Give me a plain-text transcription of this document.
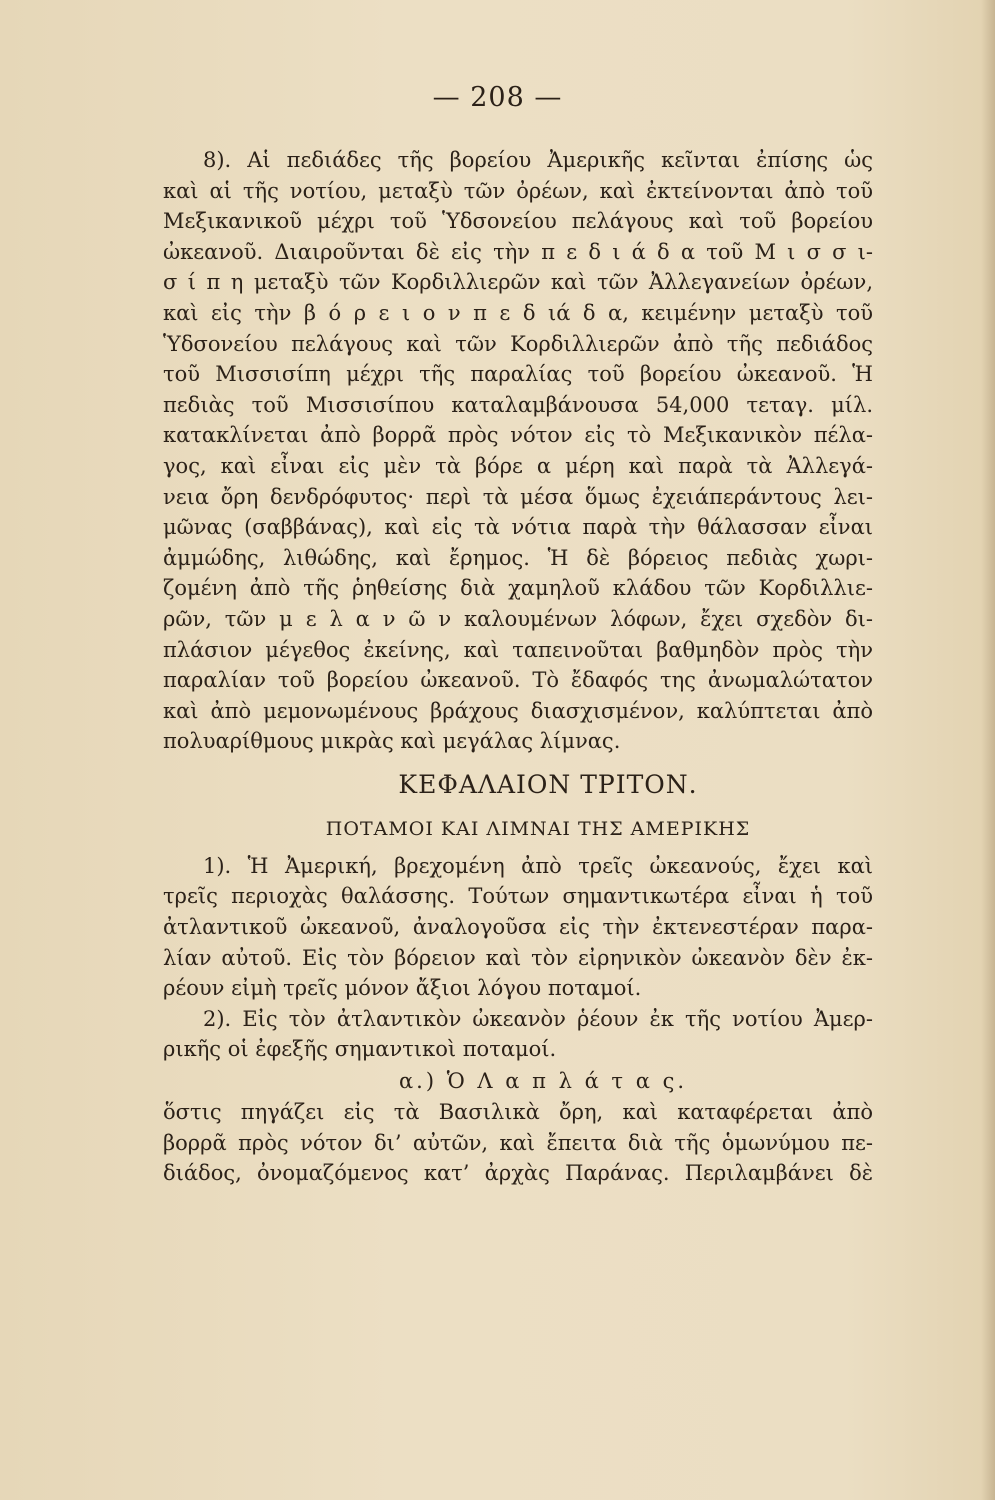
— 208 —
8). Αἱ πεδιάδες τῆς βορείου Ἀμερικῆς κεῖνται ἐπίσης ὡς
καὶ αἱ τῆς νοτίου, μεταξὺ τῶν ὀρέων, καὶ ἐκτείνονται ἀπὸ τοῦ
Μεξικανικοῦ μέχρι τοῦ Ὑδσονείου πελάγους καὶ τοῦ βορείου
ὠκεανοῦ. Διαιροῦνται δὲ εἰς τὴν π ε δ ι ά δ α τοῦ Μ ι σ σ ι-
σ ί π η μεταξὺ τῶν Κορδιλλιερῶν καὶ τῶν Ἀλλεγανείων ὀρέων,
καὶ εἰς τὴν β ό ρ ε ι ο ν π ε δ ιά δ α, κειμένην μεταξὺ τοῦ
Ὑδσονείου πελάγους καὶ τῶν Κορδιλλιερῶν ἀπὸ τῆς πεδιάδος
τοῦ Μισσισίπη μέχρι τῆς παραλίας τοῦ βορείου ὠκεανοῦ. Ἡ
πεδιὰς τοῦ Μισσισίπου καταλαμβάνουσα 54,000 τεταγ. μίλ.
κατακλίνεται ἀπὸ βορρᾶ πρὸς νότον εἰς τὸ Μεξικανικὸν πέλα-
γος, καὶ εἶναι εἰς μὲν τὰ βόρε α μέρη καὶ παρὰ τὰ Ἀλλεγά-
νεια ὄρη δενδρόφυτος· περὶ τὰ μέσα ὅμως ἐχειάπεράντους λει-
μῶνας (σαββάνας), καὶ εἰς τὰ νότια παρὰ τὴν θάλασσαν εἶναι
ἀμμώδης, λιθώδης, καὶ ἔρημος. Ἡ δὲ βόρειος πεδιὰς χωρι-
ζομένη ἀπὸ τῆς ῥηθείσης διὰ χαμηλοῦ κλάδου τῶν Κορδιλλιε-
ρῶν, τῶν μ ε λ α ν ῶ ν καλουμένων λόφων, ἔχει σχεδὸν δι-
πλάσιον μέγεθος ἐκείνης, καὶ ταπεινοῦται βαθμηδὸν πρὸς τὴν
παραλίαν τοῦ βορείου ὠκεανοῦ. Τὸ ἔδαφός της ἀνωμαλώτατον
καὶ ἀπὸ μεμονωμένους βράχους διασχισμένον, καλύπτεται ἀπὸ
πολυαρίθμους μικρὰς καὶ μεγάλας λίμνας.
ΚΕΦΑΛΑΙΟΝ ΤΡΙΤΟΝ.
ΠΟΤΑΜΟΙ ΚΑΙ ΛΙΜΝΑΙ ΤΗΣ ΑΜΕΡΙΚΗΣ
1). Ἡ Ἀμερική, βρεχομένη ἀπὸ τρεῖς ὠκεανούς, ἔχει καὶ
τρεῖς περιοχὰς θαλάσσης. Τούτων σημαντικωτέρα εἶναι ἡ τοῦ
ἀτλαντικοῦ ὠκεανοῦ, ἀναλογοῦσα εἰς τὴν ἐκτενεστέραν παρα-
λίαν αὐτοῦ. Εἰς τὸν βόρειον καὶ τὸν εἰρηνικὸν ὠκεανὸν δὲν ἐκ-
ρέουν εἰμὴ τρεῖς μόνον ἄξιοι λόγου ποταμοί.
2). Εἰς τὸν ἀτλαντικὸν ὠκεανὸν ῥέουν ἐκ τῆς νοτίου Ἀμερ-
ρικῆς οἱ ἐφεξῆς σημαντικοὶ ποταμοί.
α.) Ὁ Λ α π λ ά τ α ς.
ὅστις πηγάζει εἰς τὰ Βασιλικὰ ὄρη, καὶ καταφέρεται ἀπὸ
βορρᾶ πρὸς νότον δι’ αὐτῶν, καὶ ἔπειτα διὰ τῆς ὁμωνύμου πε-
διάδος, ὀνομαζόμενος κατ’ ἀρχὰς Παράνας. Περιλαμβάνει δὲ
